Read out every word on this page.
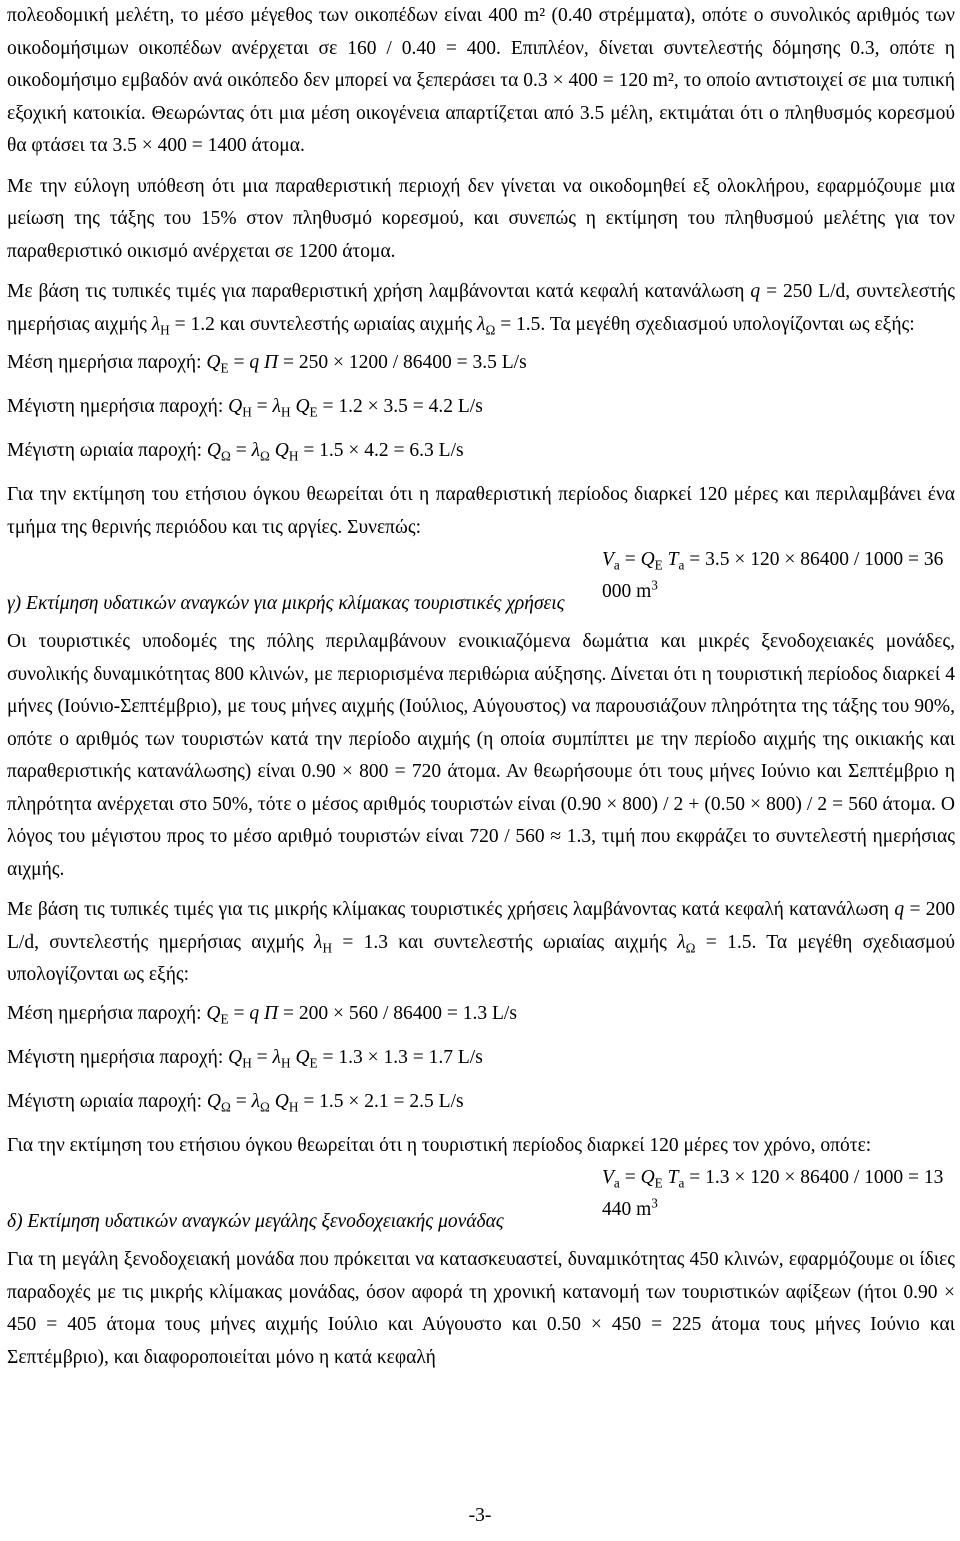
πολεοδομική μελέτη, το μέσο μέγεθος των οικοπέδων είναι 400 m² (0.40 στρέμματα), οπότε ο συνολικός αριθμός των οικοδομήσιμων οικοπέδων ανέρχεται σε 160 / 0.40 = 400. Επιπλέον, δίνεται συντελεστής δόμησης 0.3, οπότε η οικοδομήσιμο εμβαδόν ανά οικόπεδο δεν μπορεί να ξεπεράσει τα 0.3 × 400 = 120 m², το οποίο αντιστοιχεί σε μια τυπική εξοχική κατοικία. Θεωρώντας ότι μια μέση οικογένεια απαρτίζεται από 3.5 μέλη, εκτιμάται ότι ο πληθυσμός κορεσμού θα φτάσει τα 3.5 × 400 = 1400 άτομα.

Με την εύλογη υπόθεση ότι μια παραθεριστική περιοχή δεν γίνεται να οικοδομηθεί εξ ολοκλήρου, εφαρμόζουμε μια μείωση της τάξης του 15% στον πληθυσμό κορεσμού, και συνεπώς η εκτίμηση του πληθυσμού μελέτης για τον παραθεριστικό οικισμό ανέρχεται σε 1200 άτομα.

Με βάση τις τυπικές τιμές για παραθεριστική χρήση λαμβάνονται κατά κεφαλή κατανάλωση q = 250 L/d, συντελεστής ημερήσιας αιχμής $\lambda_H = 1.2$ και συντελεστής ωριαίας αιχμής $\lambda_\Omega = 1.5$. Τα μεγέθη σχεδιασμού υπολογίζονται ως εξής:

Μέση ημερήσια παροχή: $Q_E = q$ Π = 250 × 1200 / 86400 = 3.5 L/s

Μέγιστη ημερήσια παροχή: $Q_H = \lambda_H$ $Q_E = 1.2 \times 3.5 = 4.2$ L/s

Μέγιστη ωριαία παροχή: $Q_\Omega = \lambda_\Omega$ $Q_H = 1.5 \times 4.2 = 6.3$ L/s

Για την εκτίμηση του ετήσιου όγκου θεωρείται ότι η παραθεριστική περίοδος διαρκεί 120 μέρες και περιλαμβάνει ένα τμήμα της θερινής περιόδου και τις αργίες. Συνεπώς:

$V_a = Q_E$ $T_a = 3.5 \times 120 \times 86400 / 1000 = 36$ 000 $m^3$

γ) Εκτίμηση υδατικών αναγκών για μικρής κλίμακας τουριστικές χρήσεις

Οι τουριστικές υποδομές της πόλης περιλαμβάνουν ενοικιαζόμενα δωμάτια και μικρές ξενοδοχειακές μονάδες, συνολικής δυναμικότητας 800 κλινών, με περιορισμένα περιθώρια αύξησης. Δίνεται ότι η τουριστική περίοδος διαρκεί 4 μήνες (Ιούνιο-Σεπτέμβριο), με τους μήνες αιχμής (Ιούλιος, Αύγουστος) να παρουσιάζουν πληρότητα της τάξης του 90%, οπότε ο αριθμός των τουριστών κατά την περίοδο αιχμής (η οποία συμπίπτει με την περίοδο αιχμής της οικιακής και παραθεριστικής κατανάλωσης) είναι 0.90 × 800 = 720 άτομα. Αν θεωρήσουμε ότι τους μήνες Ιούνιο και Σεπτέμβριο η πληρότητα ανέρχεται στο 50%, τότε ο μέσος αριθμός τουριστών είναι (0.90 × 800) / 2 + (0.50 × 800) / 2 = 560 άτομα. Ο λόγος του μέγιστου προς το μέσο αριθμό τουριστών είναι 720 / 560 ≈ 1.3, τιμή που εκφράζει το συντελεστή ημερήσιας αιχμής.

Με βάση τις τυπικές τιμές για τις μικρής κλίμακας τουριστικές χρήσεις λαμβάνοντας κατά κεφαλή κατανάλωση q = 200 L/d, συντελεστής ημερήσιας αιχμής $\lambda_H = 1.3$ και συντελεστής ωριαίας αιχμής $\lambda_\Omega = 1.5$. Τα μεγέθη σχεδιασμού υπολογίζονται ως εξής:

Μέση ημερήσια παροχή: $Q_E = q$ Π = 200 × 560 / 86400 = 1.3 L/s

Μέγιστη ημερήσια παροχή: $Q_H = \lambda_H$ $Q_E = 1.3 \times 1.3 = 1.7$ L/s

Μέγιστη ωριαία παροχή: $Q_\Omega = \lambda_\Omega$ $Q_H = 1.5 \times 2.1 = 2.5$ L/s

Για την εκτίμηση του ετήσιου όγκου θεωρείται ότι η τουριστική περίοδος διαρκεί 120 μέρες τον χρόνο, οπότε:

$V_a = Q_E$ $T_a = 1.3 \times 120 \times 86400 / 1000 = 13$ 440 $m^3$

δ) Εκτίμηση υδατικών αναγκών μεγάλης ξενοδοχειακής μονάδας

Για τη μεγάλη ξενοδοχειακή μονάδα που πρόκειται να κατασκευαστεί, δυναμικότητας 450 κλινών, εφαρμόζουμε οι ίδιες παραδοχές με τις μικρής κλίμακας μονάδας, όσον αφορά τη χρονική κατανομή των τουριστικών αφίξεων (ήτοι 0.90 × 450 = 405 άτομα τους μήνες αιχμής Ιούλιο και Αύγουστο και 0.50 × 450 = 225 άτομα τους μήνες Ιούνιο και Σεπτέμβριο), και διαφοροποιείται μόνο η κατά κεφαλή

-3-
